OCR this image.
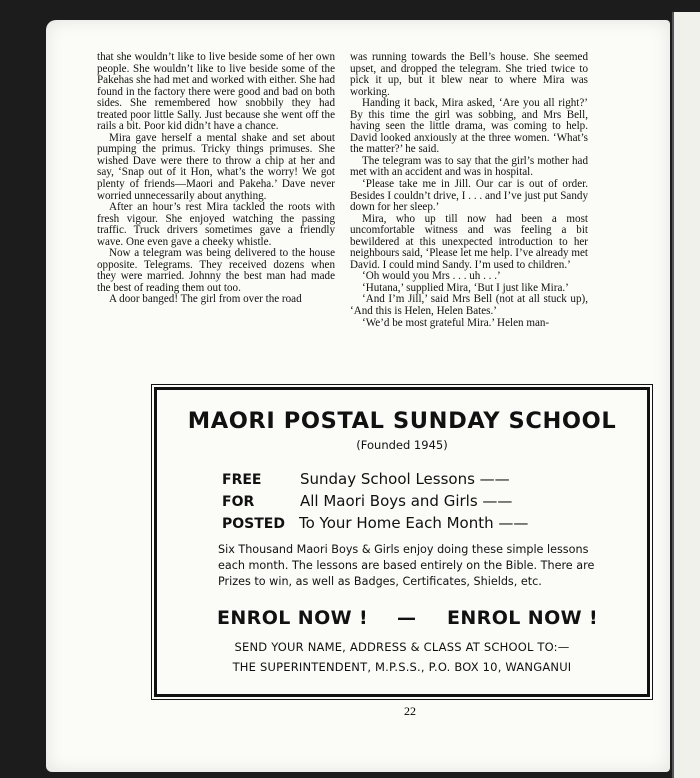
that she wouldn’t like to live beside some of her own people. She wouldn’t like to live beside some of the Pakehas she had met and worked with either. She had found in the factory there were good and bad on both sides. She remembered how snobbily they had treated poor little Sally. Just because she went off the rails a bit. Poor kid didn’t have a chance.

Mira gave herself a mental shake and set about pumping the primus. Tricky things primuses. She wished Dave were there to throw a chip at her and say, ‘Snap out of it Hon, what’s the worry! We got plenty of friends—Maori and Pakeha.’ Dave never worried unnecessarily about anything.

After an hour’s rest Mira tackled the roots with fresh vigour. She enjoyed watching the passing traffic. Truck drivers sometimes gave a friendly wave. One even gave a cheeky whistle.

Now a telegram was being delivered to the house opposite. Telegrams. They received dozens when they were married. Johnny the best man had made the best of reading them out too.

A door banged! The girl from over the road

was running towards the Bell’s house. She seemed upset, and dropped the telegram. She tried twice to pick it up, but it blew near to where Mira was working.

Handing it back, Mira asked, ‘Are you all right?’ By this time the girl was sobbing, and Mrs Bell, having seen the little drama, was coming to help. David looked anxiously at the three women. ‘What’s the matter?’ he said.

The telegram was to say that the girl’s mother had met with an accident and was in hospital.

‘Please take me in Jill. Our car is out of order. Besides I couldn’t drive, I . . . and I’ve just put Sandy down for her sleep.’

Mira, who up till now had been a most uncomfortable witness and was feeling a bit bewildered at this unexpected introduction to her neighbours said, ‘Please let me help. I’ve already met David. I could mind Sandy. I’m used to children.’

‘Oh would you Mrs . . . uh . . .’

‘Hutana,’ supplied Mira, ‘But I just like Mira.’

‘And I’m Jill,’ said Mrs Bell (not at all stuck up), ‘And this is Helen, Helen Bates.’

‘We’d be most grateful Mira.’ Helen man-

MAORI POSTAL SUNDAY SCHOOL
(Founded 1945)
FREE	Sunday School Lessons ——
FOR	All Maori Boys and Girls ——
POSTED To Your Home Each Month ——
Six Thousand Maori Boys & Girls enjoy doing these simple lessons each month. The lessons are based entirely on the Bible. There are Prizes to win, as well as Badges, Certificates, Shields, etc.
ENROL NOW ! — ENROL NOW !
SEND YOUR NAME, ADDRESS & CLASS AT SCHOOL TO:—
THE SUPERINTENDENT, M.P.S.S., P.O. BOX 10, WANGANUI
22
